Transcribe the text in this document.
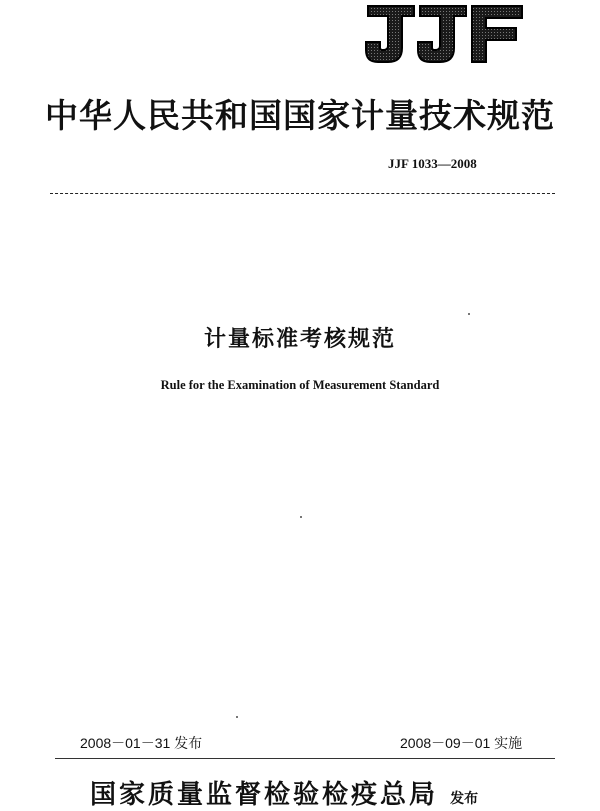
JJF
中华人民共和国国家计量技术规范
JJF 1033—2008
计量标准考核规范
Rule for the Examination of Measurement Standard
2008－01－31 发布	2008－09－01 实施
国家质量监督检验检疫总局 发布
